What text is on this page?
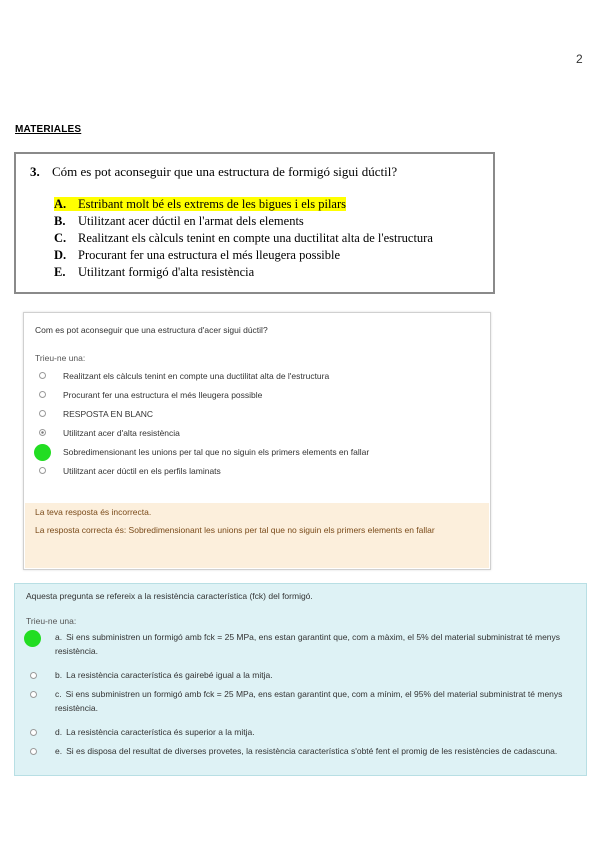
2
MATERIALES
3. Cóm es pot aconseguir que una estructura de formigó sigui dúctil?
A. Estribant molt bé els extrems de les bigues i els pilars
B. Utilitzant acer dúctil en l'armat dels elements
C. Realitzant els càlculs tenint en compte una ductilitat alta de l'estructura
D. Procurant fer una estructura el més lleugera possible
E. Utilitzant formigó d'alta resistència
Com es pot aconseguir que una estructura d'acer sigui dúctil?
Trieu-ne una:
Realitzant els càlculs tenint en compte una ductilitat alta de l'estructura
Procurant fer una estructura el més lleugera possible
RESPOSTA EN BLANC
Utilitzant acer d'alta resistència
Sobredimensionant les unions per tal que no siguin els primers elements en fallar
Utilitzant acer dúctil en els perfils laminats
La teva resposta és incorrecta.
La resposta correcta és: Sobredimensionant les unions per tal que no siguin els primers elements en fallar
Aquesta pregunta se refereix a la resistència característica (fck) del formigó.
Trieu-ne una:
a. Si ens subministren un formigó amb fck = 25 MPa, ens estan garantint que, com a màxim, el 5% del material subministrat té menys resistència.
b. La resistència característica és gairebé igual a la mitja.
c. Si ens subministren un formigó amb fck = 25 MPa, ens estan garantint que, com a mínim, el 95% del material subministrat té menys resistència.
d. La resistència característica és superior a la mitja.
e. Si es disposa del resultat de diverses provetes, la resistència característica s'obté fent el promig de les resistències de cadascuna.
